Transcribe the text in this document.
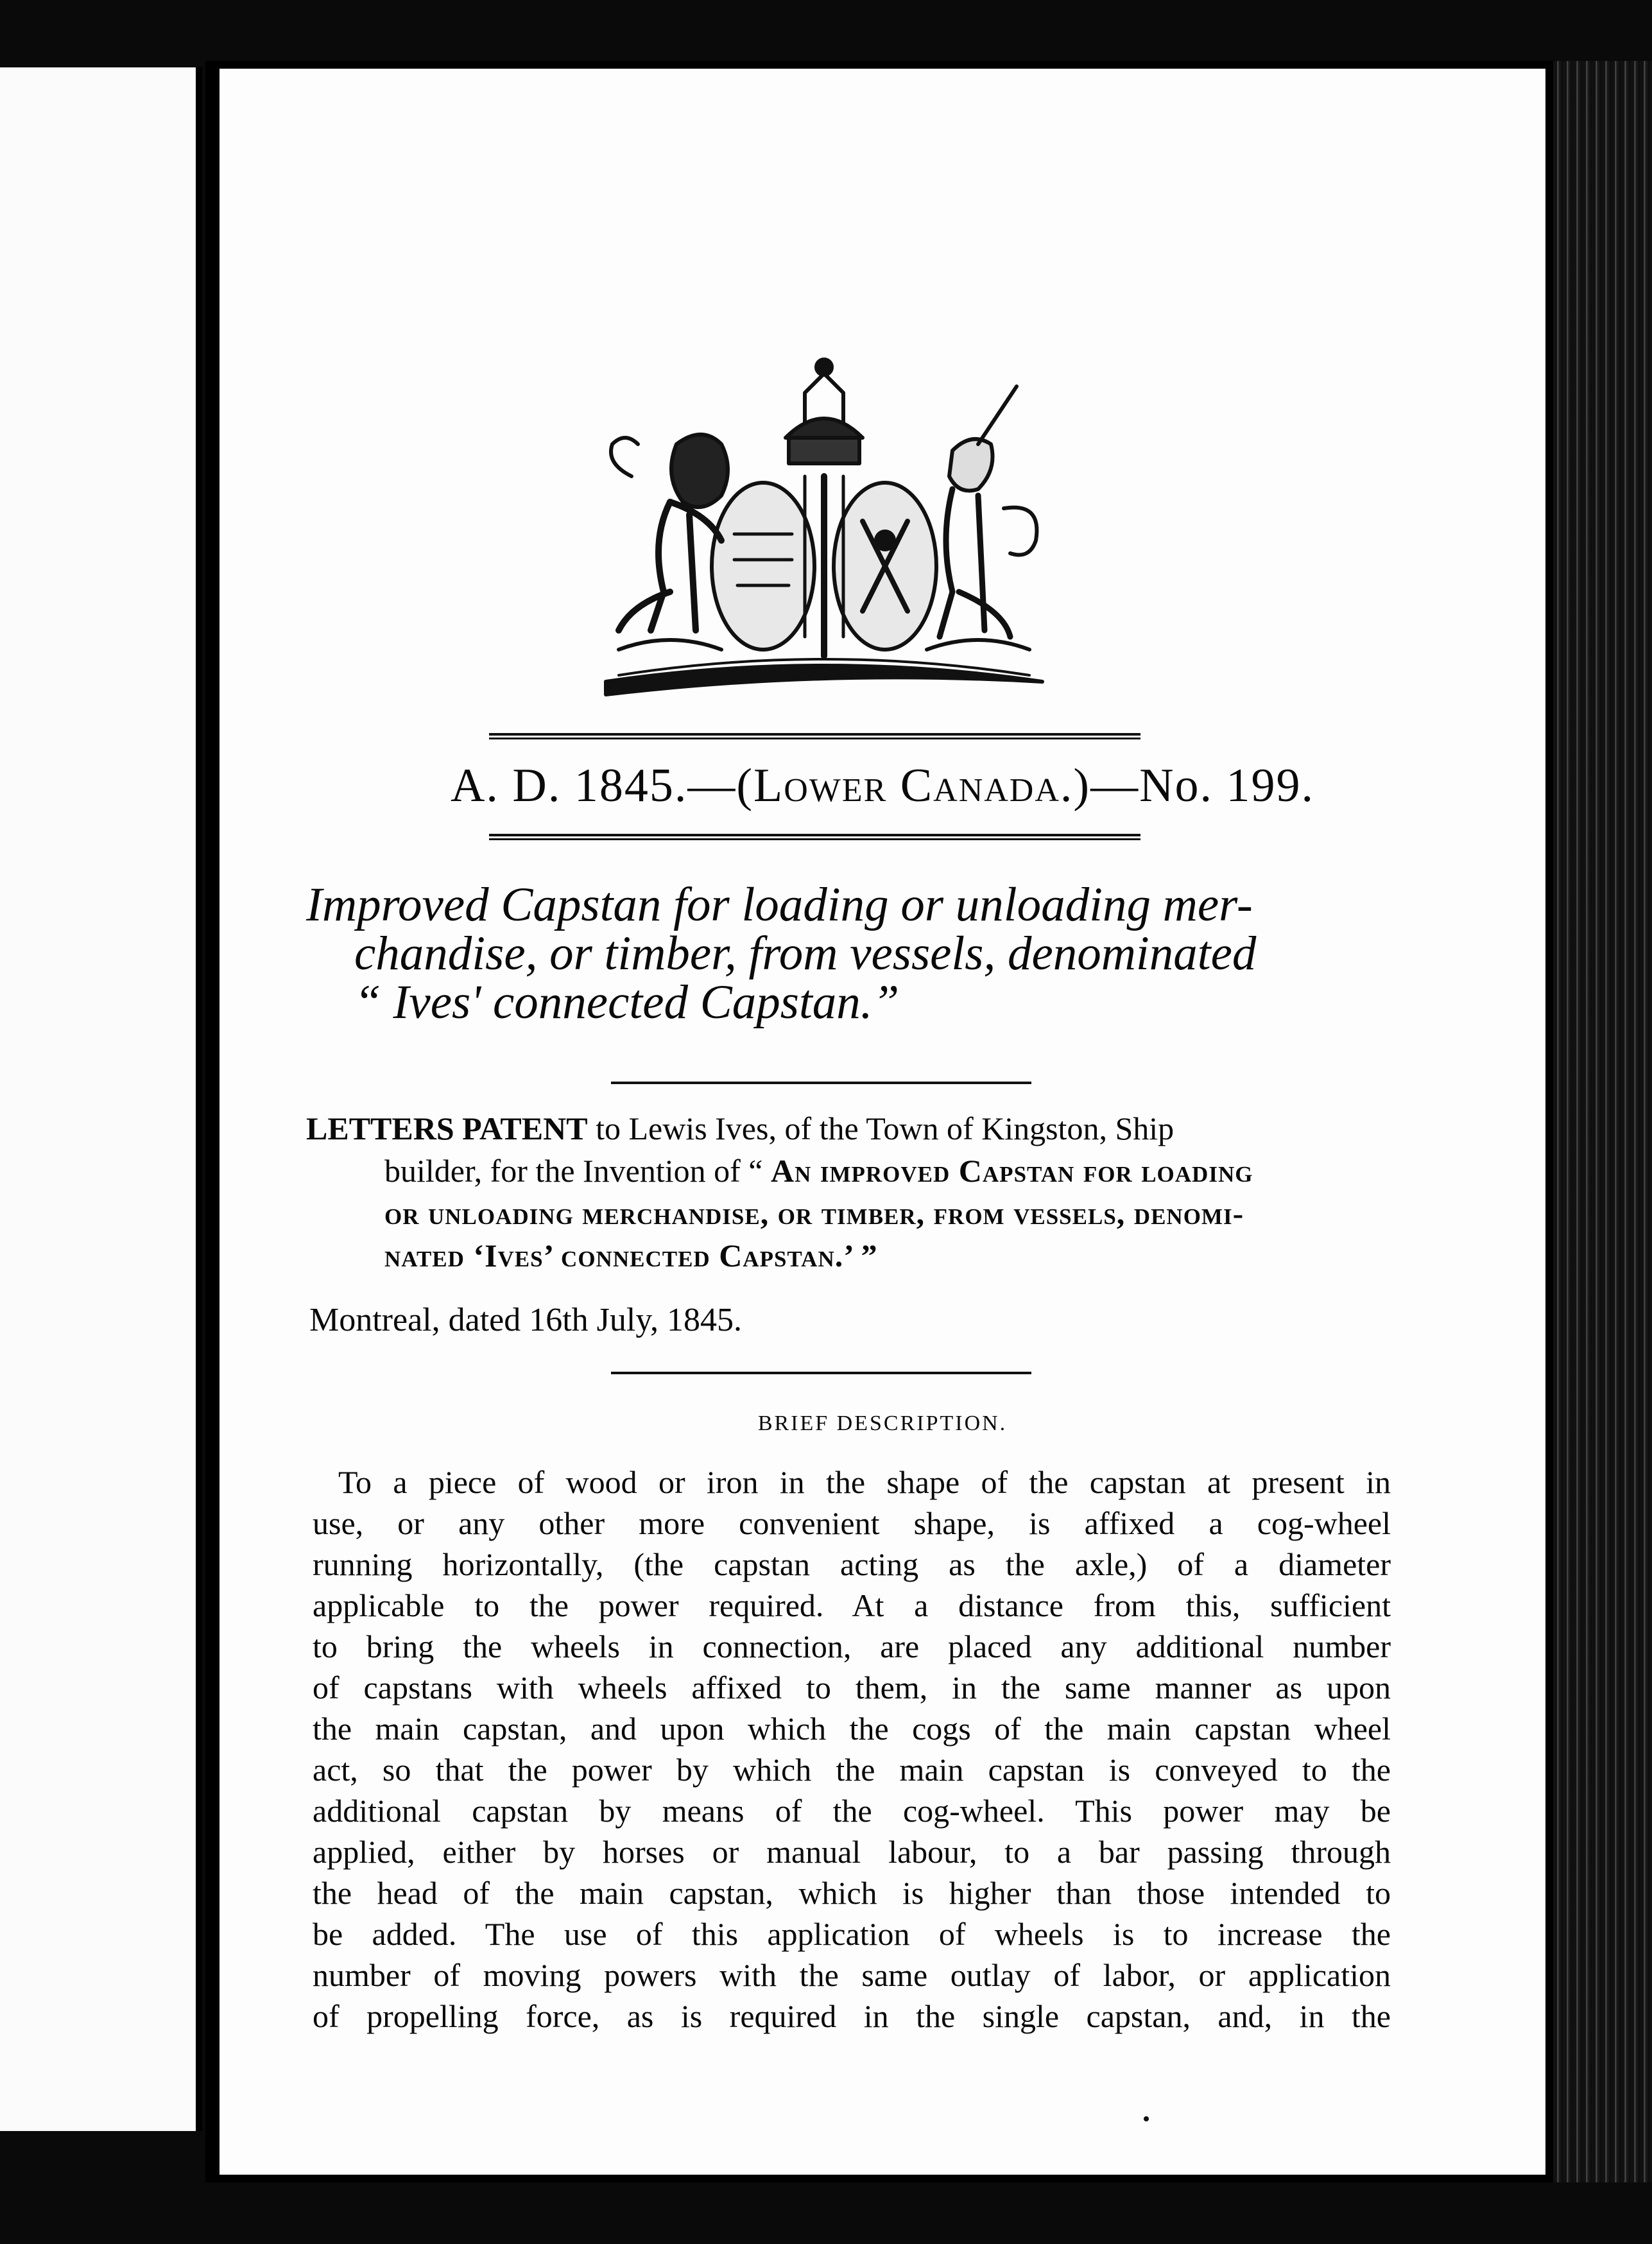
A. D. 1845.—(Lower Canada.)—No. 199.
Improved Capstan for loading or unloading mer-
chandise, or timber, from vessels, denominated
“ Ives' connected Capstan.”
LETTERS PATENT to Lewis Ives, of the Town of Kingston, Ship
builder, for the Invention of “ An improved Capstan for loading
or unloading merchandise, or timber, from vessels, denomi-
nated ‘Ives’ connected Capstan.’ ”
Montreal, dated 16th July, 1845.
BRIEF DESCRIPTION.
To a piece of wood or iron in the shape of the capstan at present in
use, or any other more convenient shape, is affixed a cog-wheel
running horizontally, (the capstan acting as the axle,) of a diameter
applicable to the power required. At a distance from this, sufficient
to bring the wheels in connection, are placed any additional number
of capstans with wheels affixed to them, in the same manner as upon
the main capstan, and upon which the cogs of the main capstan wheel
act, so that the power by which the main capstan is conveyed to the
additional capstan by means of the cog-wheel. This power may be
applied, either by horses or manual labour, to a bar passing through
the head of the main capstan, which is higher than those intended to
be added. The use of this application of wheels is to increase the
number of moving powers with the same outlay of labor, or application
of propelling force, as is required in the single capstan, and, in the
